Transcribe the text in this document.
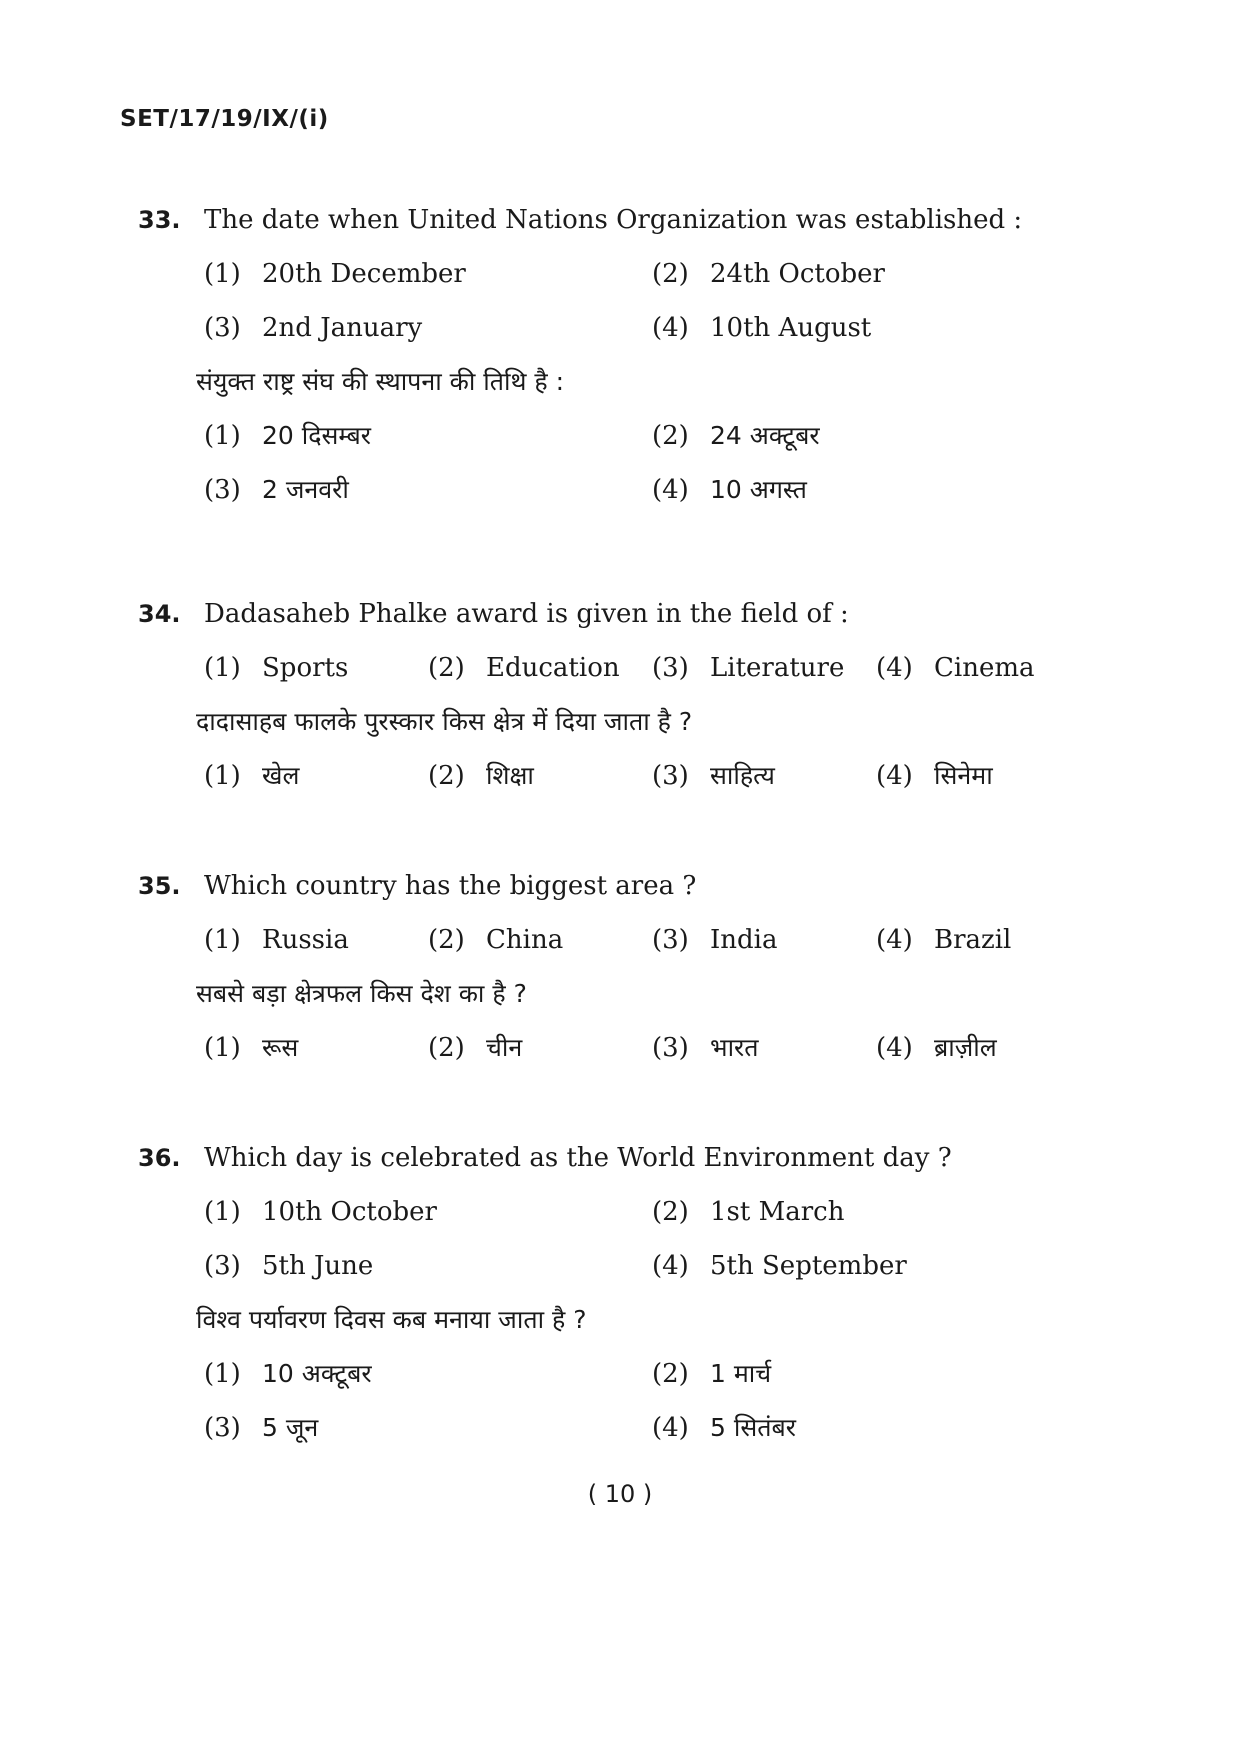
SET/17/19/IX/(i)
33. The date when United Nations Organization was established :
(1) 20th December	(2) 24th October
(3) 2nd January	(4) 10th August
संयुक्त राष्ट्र संघ की स्थापना की तिथि है :
(1) 20 दिसम्बर	(2) 24 अक्टूबर
(3) 2 जनवरी	(4) 10 अगस्त
34. Dadasaheb Phalke award is given in the field of :
(1) Sports	(2) Education (3) Literature (4) Cinema
दादासाहब फालके पुरस्कार किस क्षेत्र में दिया जाता है ?
(1) खेल	(2) शिक्षा	(3) साहित्य	(4) सिनेमा
35. Which country has the biggest area ?
(1) Russia	(2) China	(3) India	(4) Brazil
सबसे बड़ा क्षेत्रफल किस देश का है ?
(1) रूस	(2) चीन	(3) भारत	(4) ब्राज़ील
36. Which day is celebrated as the World Environment day ?
(1) 10th October	(2) 1st March
(3) 5th June	(4) 5th September
विश्व पर्यावरण दिवस कब मनाया जाता है ?
(1) 10 अक्टूबर	(2) 1 मार्च
(3) 5 जून	(4) 5 सितंबर
( 10 )
